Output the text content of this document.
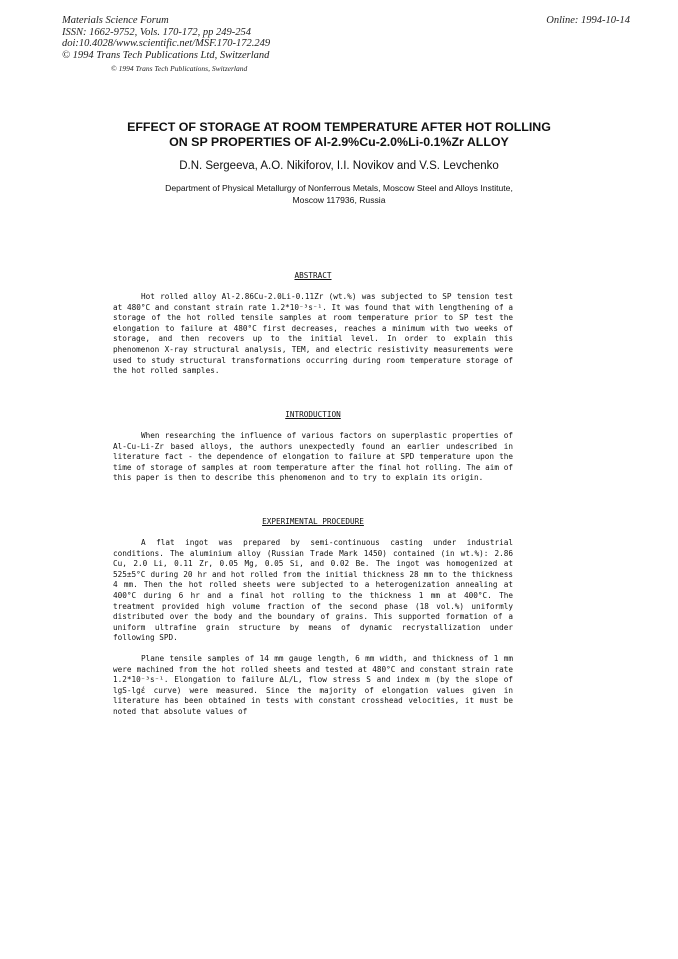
Materials Science Forum
ISSN: 1662-9752, Vols. 170-172, pp 249-254
doi:10.4028/www.scientific.net/MSF.170-172.249
© 1994 Trans Tech Publications Ltd, Switzerland
Online: 1994-10-14
© 1994 Trans Tech Publications, Switzerland
EFFECT OF STORAGE AT ROOM TEMPERATURE AFTER HOT ROLLING
ON SP PROPERTIES OF Al-2.9%Cu-2.0%Li-0.1%Zr ALLOY
D.N. Sergeeva, A.O. Nikiforov, I.I. Novikov and V.S. Levchenko
Department of Physical Metallurgy of Nonferrous Metals, Moscow Steel and Alloys Institute,
Moscow 117936, Russia
ABSTRACT
Hot rolled alloy Al-2.86Cu-2.0Li-0.11Zr (wt.%) was subjected to SP tension test at 480°C and constant strain rate 1.2*10⁻³s⁻¹. It was found that with lengthening of a storage of the hot rolled tensile samples at room temperature prior to SP test the elongation to failure at 480°C first decreases, reaches a minimum with two weeks of storage, and then recovers up to the initial level. In order to explain this phenomenon X-ray structural analysis, TEM, and electric resistivity measurements were used to study structural transformations occurring during room temperature storage of the hot rolled samples.
INTRODUCTION
When researching the influence of various factors on superplastic properties of Al-Cu-Li-Zr based alloys, the authors unexpectedly found an earlier undescribed in literature fact - the dependence of elongation to failure at SPD temperature upon the time of storage of samples at room temperature after the final hot rolling. The aim of this paper is then to describe this phenomenon and to try to explain its origin.
EXPERIMENTAL PROCEDURE
A flat ingot was prepared by semi-continuous casting under industrial conditions. The aluminium alloy (Russian Trade Mark 1450) contained (in wt.%): 2.86 Cu, 2.0 Li, 0.11 Zr, 0.05 Mg, 0.05 Si, and 0.02 Be. The ingot was homogenized at 525±5°C during 20 hr and hot rolled from the initial thickness 28 mm to the thickness 4 mm. Then the hot rolled sheets were subjected to a heterogenization annealing at 400°C during 6 hr and a final hot rolling to the thickness 1 mm at 400°C. The treatment provided high volume fraction of the second phase (18 vol.%) uniformly distributed over the body and the boundary of grains. This supported formation of a uniform ultrafine grain structure by means of dynamic recrystallization under following SPD.
Plane tensile samples of 14 mm gauge length, 6 mm width, and thickness of 1 mm were machined from the hot rolled sheets and tested at 480°C and constant strain rate 1.2*10⁻³s⁻¹. Elongation to failure ΔL/L, flow stress S and index m (by the slope of lgS-lgέ curve) were measured. Since the majority of elongation values given in literature has been obtained in tests with constant crosshead velocities, it must be noted that absolute values of
